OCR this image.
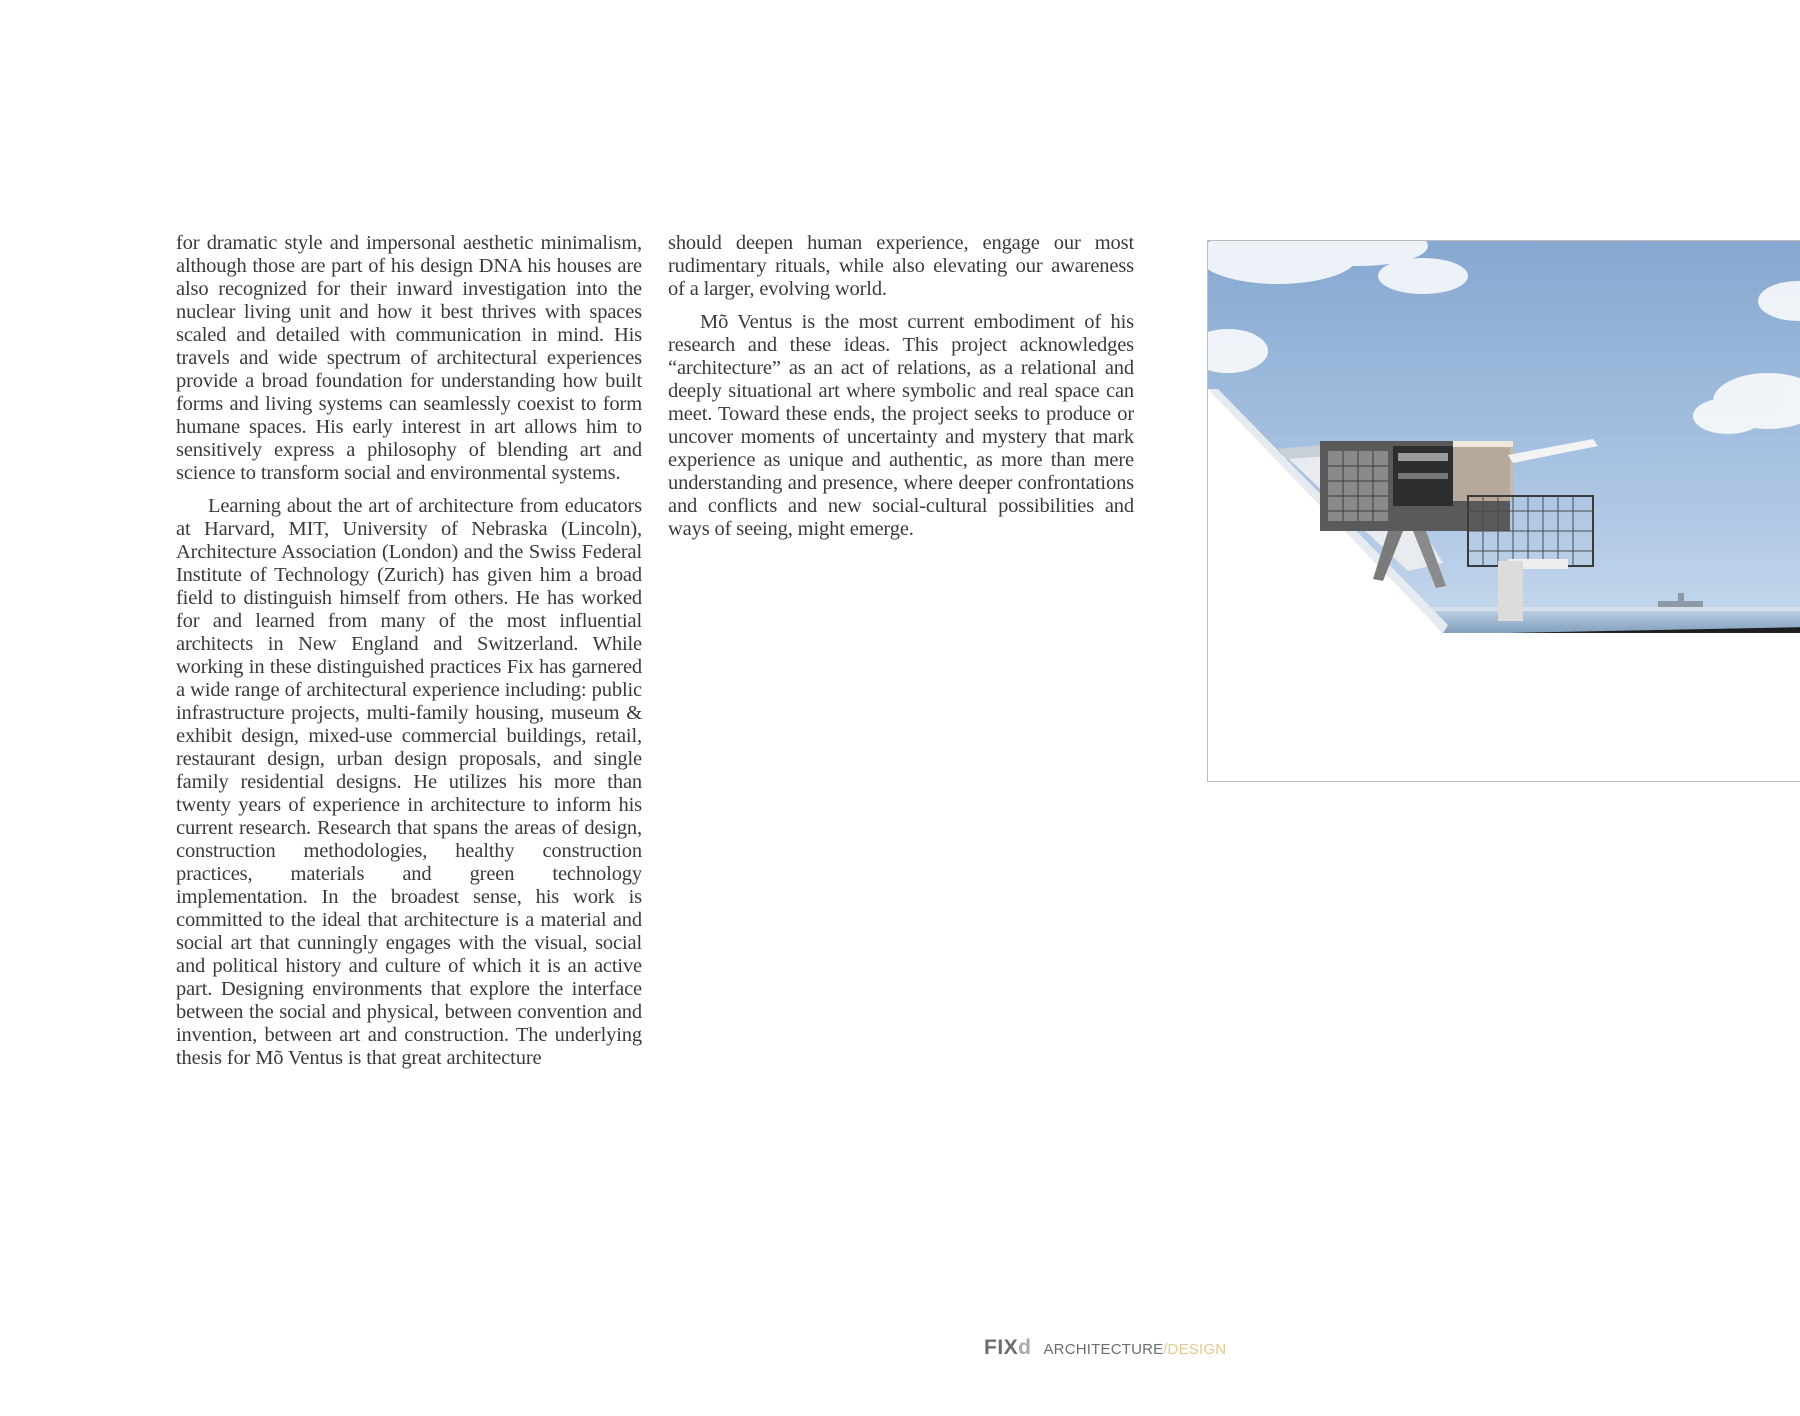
for dramatic style and impersonal aesthetic minimalism, although those are part of his design DNA his houses are also recognized for their inward investigation into the nuclear living unit and how it best thrives with spaces scaled and detailed with communication in mind. His travels and wide spectrum of architectural experiences provide a broad foundation for understanding how built forms and living systems can seamlessly coexist to form humane spaces. His early interest in art allows him to sensitively express a philosophy of blending art and science to transform social and environmental systems.

Learning about the art of architecture from educators at Harvard, MIT, University of Nebraska (Lincoln), Architecture Association (London) and the Swiss Federal Institute of Technology (Zurich) has given him a broad field to distinguish himself from others. He has worked for and learned from many of the most influential architects in New England and Switzerland. While working in these distinguished practices Fix has garnered a wide range of architectural experience including: public infrastructure projects, multi-family housing, museum & exhibit design, mixed-use commercial buildings, retail, restaurant design, urban design proposals, and single family residential designs. He utilizes his more than twenty years of experience in architecture to inform his current research. Research that spans the areas of design, construction methodologies, healthy construction practices, materials and green technology implementation. In the broadest sense, his work is committed to the ideal that architecture is a material and social art that cunningly engages with the visual, social and political history and culture of which it is an active part. Designing environments that explore the interface between the social and physical, between convention and invention, between art and construction. The underlying thesis for Mõ Ventus is that great architecture

should deepen human experience, engage our most rudimentary rituals, while also elevating our awareness of a larger, evolving world.

Mõ Ventus is the most current embodiment of his research and these ideas. This project acknowledges “architecture” as an act of relations, as a relational and deeply situational art where symbolic and real space can meet. Toward these ends, the project seeks to produce or uncover moments of uncertainty and mystery that mark experience as unique and authentic, as more than mere understanding and presence, where deeper confrontations and conflicts and new social-cultural possibilities and ways of seeing, might emerge.

FIXd ARCHITECTURE/DESIGN
